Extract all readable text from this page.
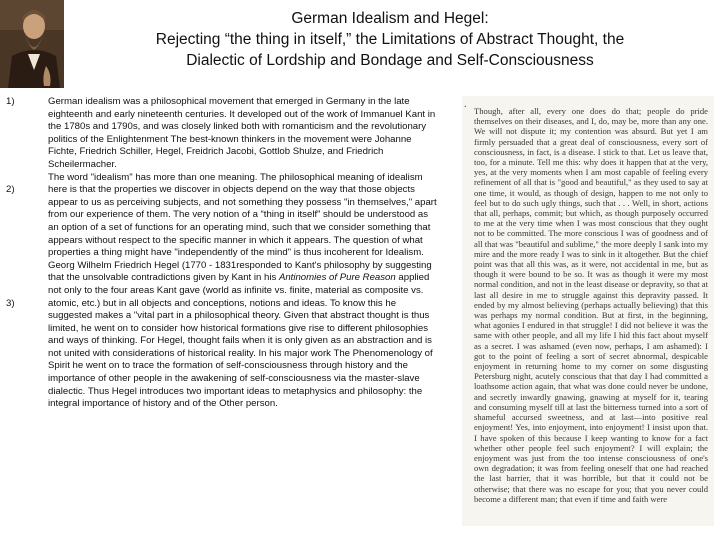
German Idealism and Hegel:
Rejecting “the thing in itself,” the Limitations of Abstract Thought, the
Dialectic of Lordship and Bondage and Self-Consciousness
1)
2)
3)

German idealism was a philosophical movement that emerged in Germany in the late eighteenth and early nineteenth centuries. It developed out of the work of Immanuel Kant in the 1780s and 1790s, and was closely linked both with romanticism and the revolutionary politics of the Enlightenment The best-known thinkers in the movement were Johanne Fichte, Friedrich Schiller, Hegel, Freidrich Jacobi, Gottlob Shulze, and Friedrich Scheilermacher.

The word "idealism" has more than one meaning. The philosophical meaning of idealism here is that the properties we discover in objects depend on the way that those objects appear to us as perceiving subjects, and not something they possess "in themselves," apart from our experience of them. The very notion of a “thing in itself” should be understood as an option of a set of functions for an operating mind, such that we consider something that appears without respect to the specific manner in which it appears. The question of what properties a thing might have "independently of the mind" is thus incoherent for Idealism.

Georg Wilhelm Friedrich Hegel (1770 - 1831responded to Kant's philosophy by suggesting that the unsolvable contradictions given by Kant in his Antinomies of Pure Reason applied not only to the four areas Kant gave (world as infinite vs. finite, material as composite vs. atomic, etc.) but in all objects and conceptions, notions and ideas. To know this he suggested makes a "vital part in a philosophical theory. Given that abstract thought is thus limited, he went on to consider how historical formations give rise to different philosophies and ways of thinking. For Hegel, thought fails when it is only given as an abstraction and is not united with considerations of historical reality. In his major work The Phenomenology of Spirit he went on to trace the formation of self-consciousness through history and the importance of other people in the awakening of self-consciousness via the master-slave dialectic. Thus Hegel introduces two important ideas to metaphysics and philosophy: the integral importance of history and of the Other person.

.
Though, after all, every one does do that; people do pride themselves on their diseases, and I, do, may be, more than any one. We will not dispute it; my contention was absurd. But yet I am firmly persuaded that a great deal of consciousness, every sort of consciousness, in fact, is a disease. I stick to that. Let us leave that, too, for a minute. Tell me this: why does it happen that at the very, yes, at the very moments when I am most capable of feeling every refinement of all that is "good and beautiful," as they used to say at one time, it would, as though of design, happen to me not only to feel but to do such ugly things, such that . . . Well, in short, actions that all, perhaps, commit; but which, as though purposely occurred to me at the very time when I was most conscious that they ought not to be committed. The more conscious I was of goodness and of all that was "beautiful and sublime," the more deeply I sank into my mire and the more ready I was to sink in it altogether. But the chief point was that all this was, as it were, not accidental in me, but as though it were bound to be so. It was as though it were my most normal condition, and not in the least disease or depravity, so that at last all desire in me to struggle against this depravity passed. It ended by my almost believing (perhaps actually believing) that this was perhaps my normal condition. But at first, in the beginning, what agonies I endured in that struggle! I did not believe it was the same with other people, and all my life I hid this fact about myself as a secret. I was ashamed (even now, perhaps, I am ashamed): I got to the point of feeling a sort of secret abnormal, despicable enjoyment in returning home to my corner on some disgusting Petersburg night, acutely conscious that that day I had committed a loathsome action again, that what was done could never be undone, and secretly inwardly gnawing, gnawing at myself for it, tearing and consuming myself till at last the bitterness turned into a sort of shameful accursed sweetness, and at last—into positive real enjoyment! Yes, into enjoyment, into enjoyment! I insist upon that. I have spoken of this because I keep wanting to know for a fact whether other people feel such enjoyment? I will explain; the enjoyment was just from the too intense consciousness of one's own degradation; it was from feeling oneself that one had reached the last barrier, that it was horrible, but that it could not be otherwise; that there was no escape for you; that you never could become a different man; that even if time and faith were
